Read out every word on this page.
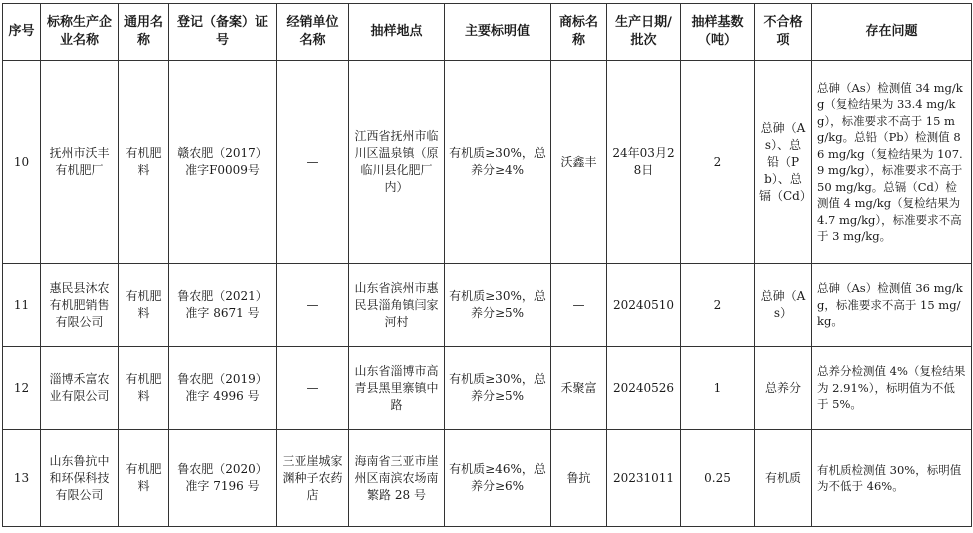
序号	标称生产企业名称	通用名称	登记（备案）证号	经销单位名称	抽样地点	主要标明值	商标名称	生产日期/批次	抽样基数（吨）	不合格项	存在问题
10	抚州市沃丰有机肥厂	有机肥料	赣农肥（2017）准字F0009号	—	江西省抚州市临川区温泉镇（原临川县化肥厂内）	有机质≥30%，总养分≥4%	沃鑫丰	24年03月28日	2	总砷（As）、总铅（Pb）、总镉（Cd）	总砷（As）检测值 34 mg/kg（复检结果为 33.4 mg/kg），标准要求不高于 15 mg/kg。总铅（Pb）检测值 86 mg/kg（复检结果为 107.9 mg/kg），标准要求不高于 50 mg/kg。总镉（Cd）检测值 4 mg/kg（复检结果为 4.7 mg/kg），标准要求不高于 3 mg/kg。
11	惠民县沐农有机肥销售有限公司	有机肥料	鲁农肥（2021）准字 8671 号	—	山东省滨州市惠民县淄角镇闫家河村	有机质≥30%，总养分≥5%	—	20240510	2	总砷（As）	总砷（As）检测值 36 mg/kg，标准要求不高于 15 mg/kg。
12	淄博禾富农业有限公司	有机肥料	鲁农肥（2019）准字 4996 号	—	山东省淄博市高青县黑里寨镇中路	有机质≥30%，总养分≥5%	禾聚富	20240526	1	总养分	总养分检测值 4%（复检结果为 2.91%），标明值为不低于 5%。
13	山东鲁抗中和环保科技有限公司	有机肥料	鲁农肥（2020）准字 7196 号	三亚崖城家渊种子农药店	海南省三亚市崖州区南滨农场南繁路 28 号	有机质≥46%，总养分≥6%	鲁抗	20231011	0.25	有机质	有机质检测值 30%，标明值为不低于 46%。
